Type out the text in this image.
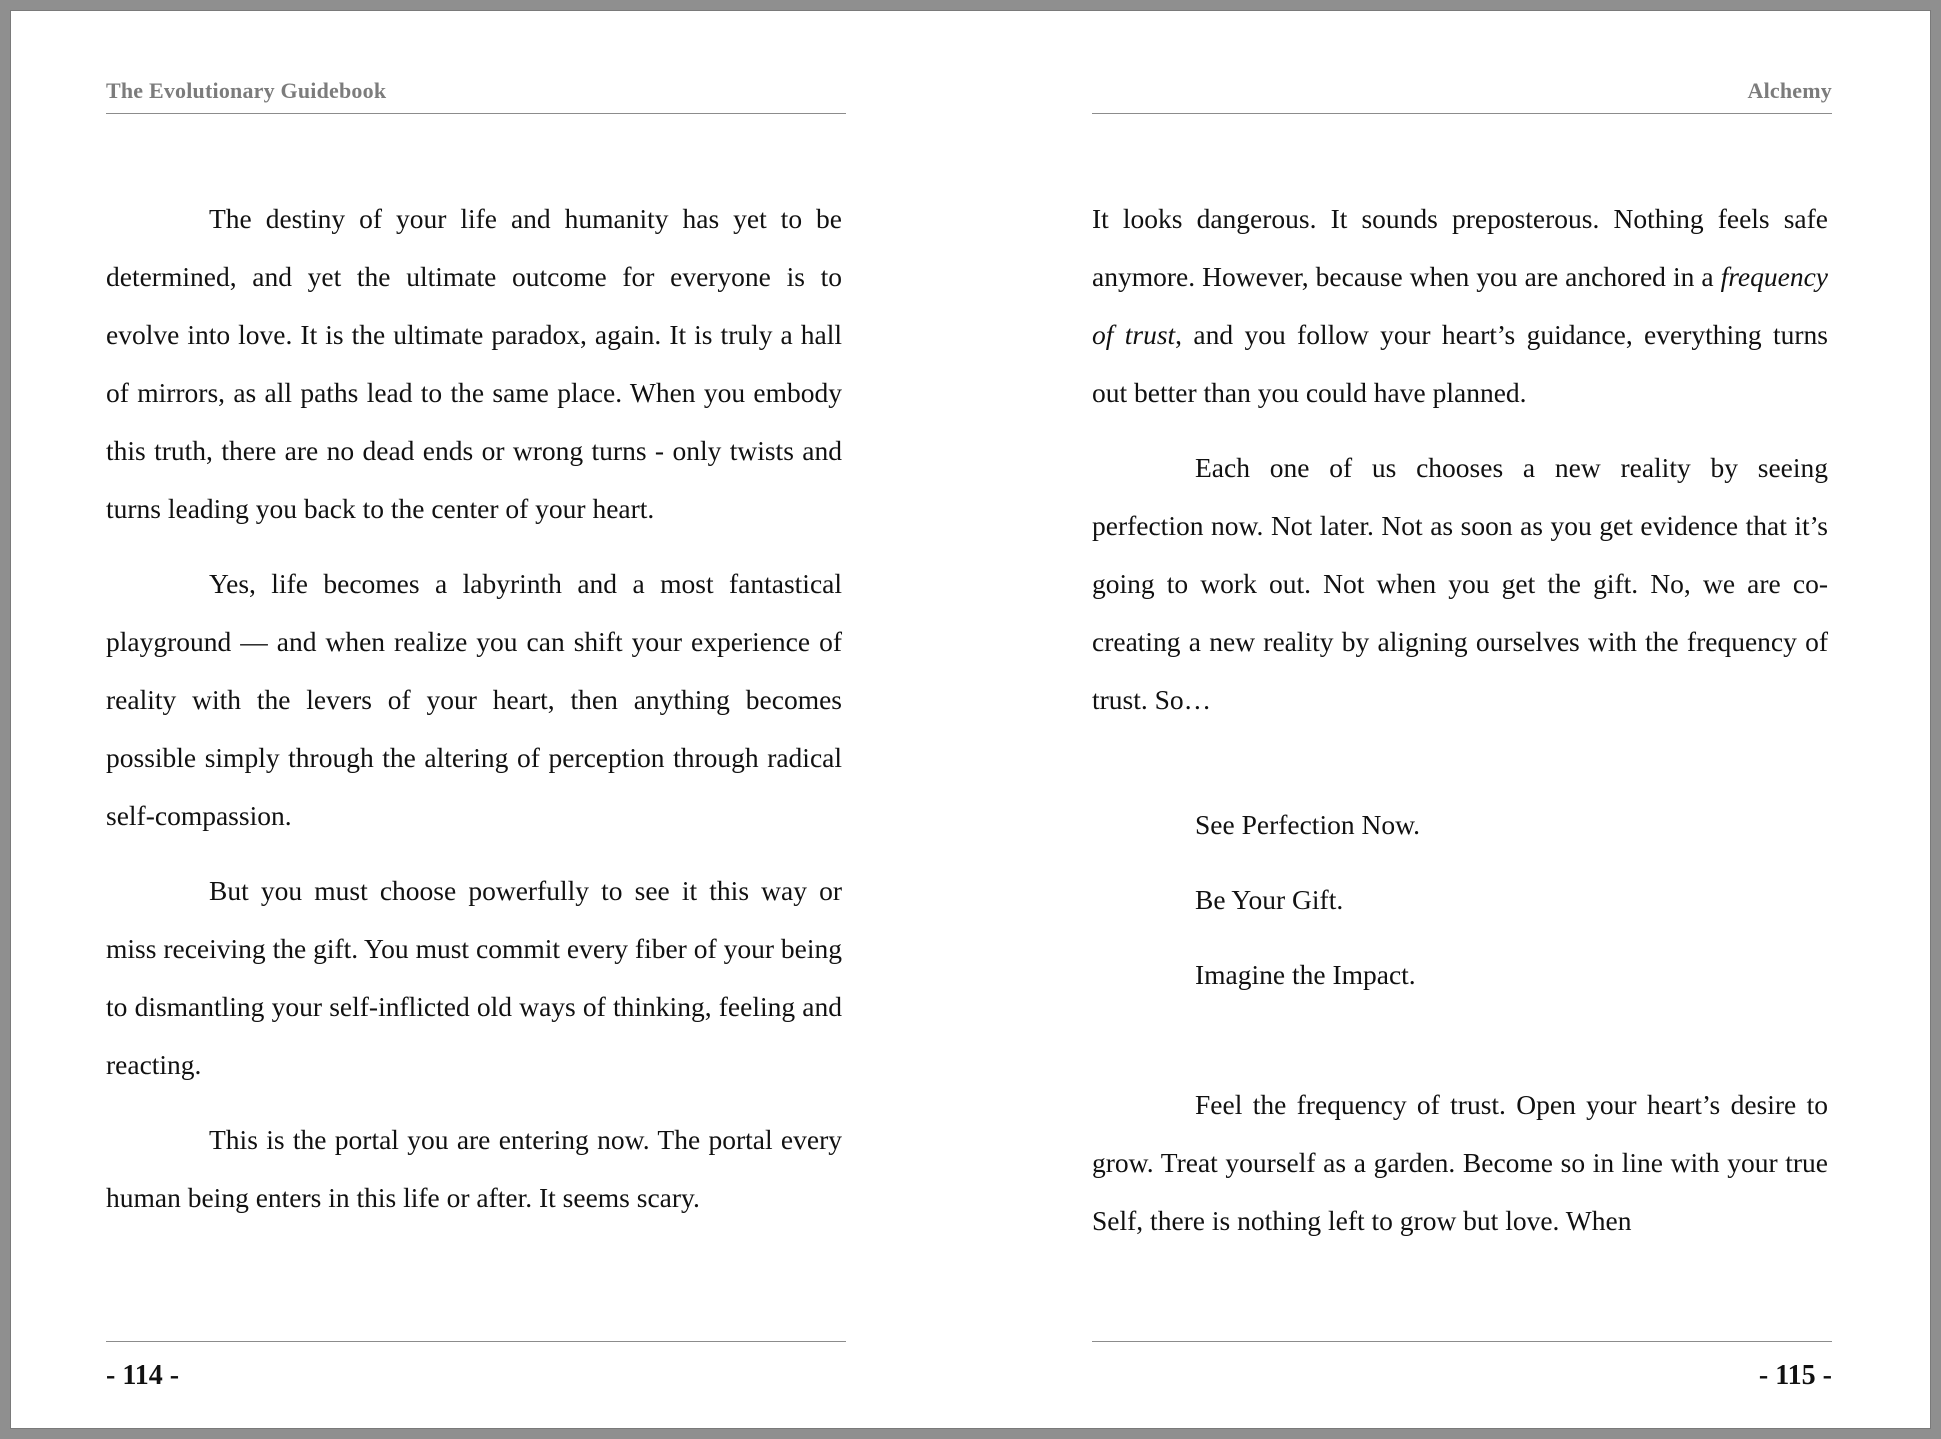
The Evolutionary Guidebook

The destiny of your life and humanity has yet to be determined, and yet the ultimate outcome for everyone is to evolve into love. It is the ultimate paradox, again. It is truly a hall of mirrors, as all paths lead to the same place. When you embody this truth, there are no dead ends or wrong turns - only twists and turns leading you back to the center of your heart.

Yes, life becomes a labyrinth and a most fantastical playground — and when realize you can shift your experience of reality with the levers of your heart, then anything becomes possible simply through the altering of perception through radical self-compassion.

But you must choose powerfully to see it this way or miss receiving the gift. You must commit every fiber of your being to dismantling your self-inflicted old ways of thinking, feeling and reacting.

This is the portal you are entering now. The portal every human being enters in this life or after. It seems scary.

- 114 -
Alchemy

It looks dangerous. It sounds preposterous. Nothing feels safe anymore. However, because when you are anchored in a frequency of trust, and you follow your heart’s guidance, everything turns out better than you could have planned.

Each one of us chooses a new reality by seeing perfection now. Not later. Not as soon as you get evidence that it’s going to work out. Not when you get the gift. No, we are co-creating a new reality by aligning ourselves with the frequency of trust. So…

See Perfection Now.

Be Your Gift.

Imagine the Impact.

Feel the frequency of trust. Open your heart’s desire to grow. Treat yourself as a garden. Become so in line with your true Self, there is nothing left to grow but love. When

- 115 -
